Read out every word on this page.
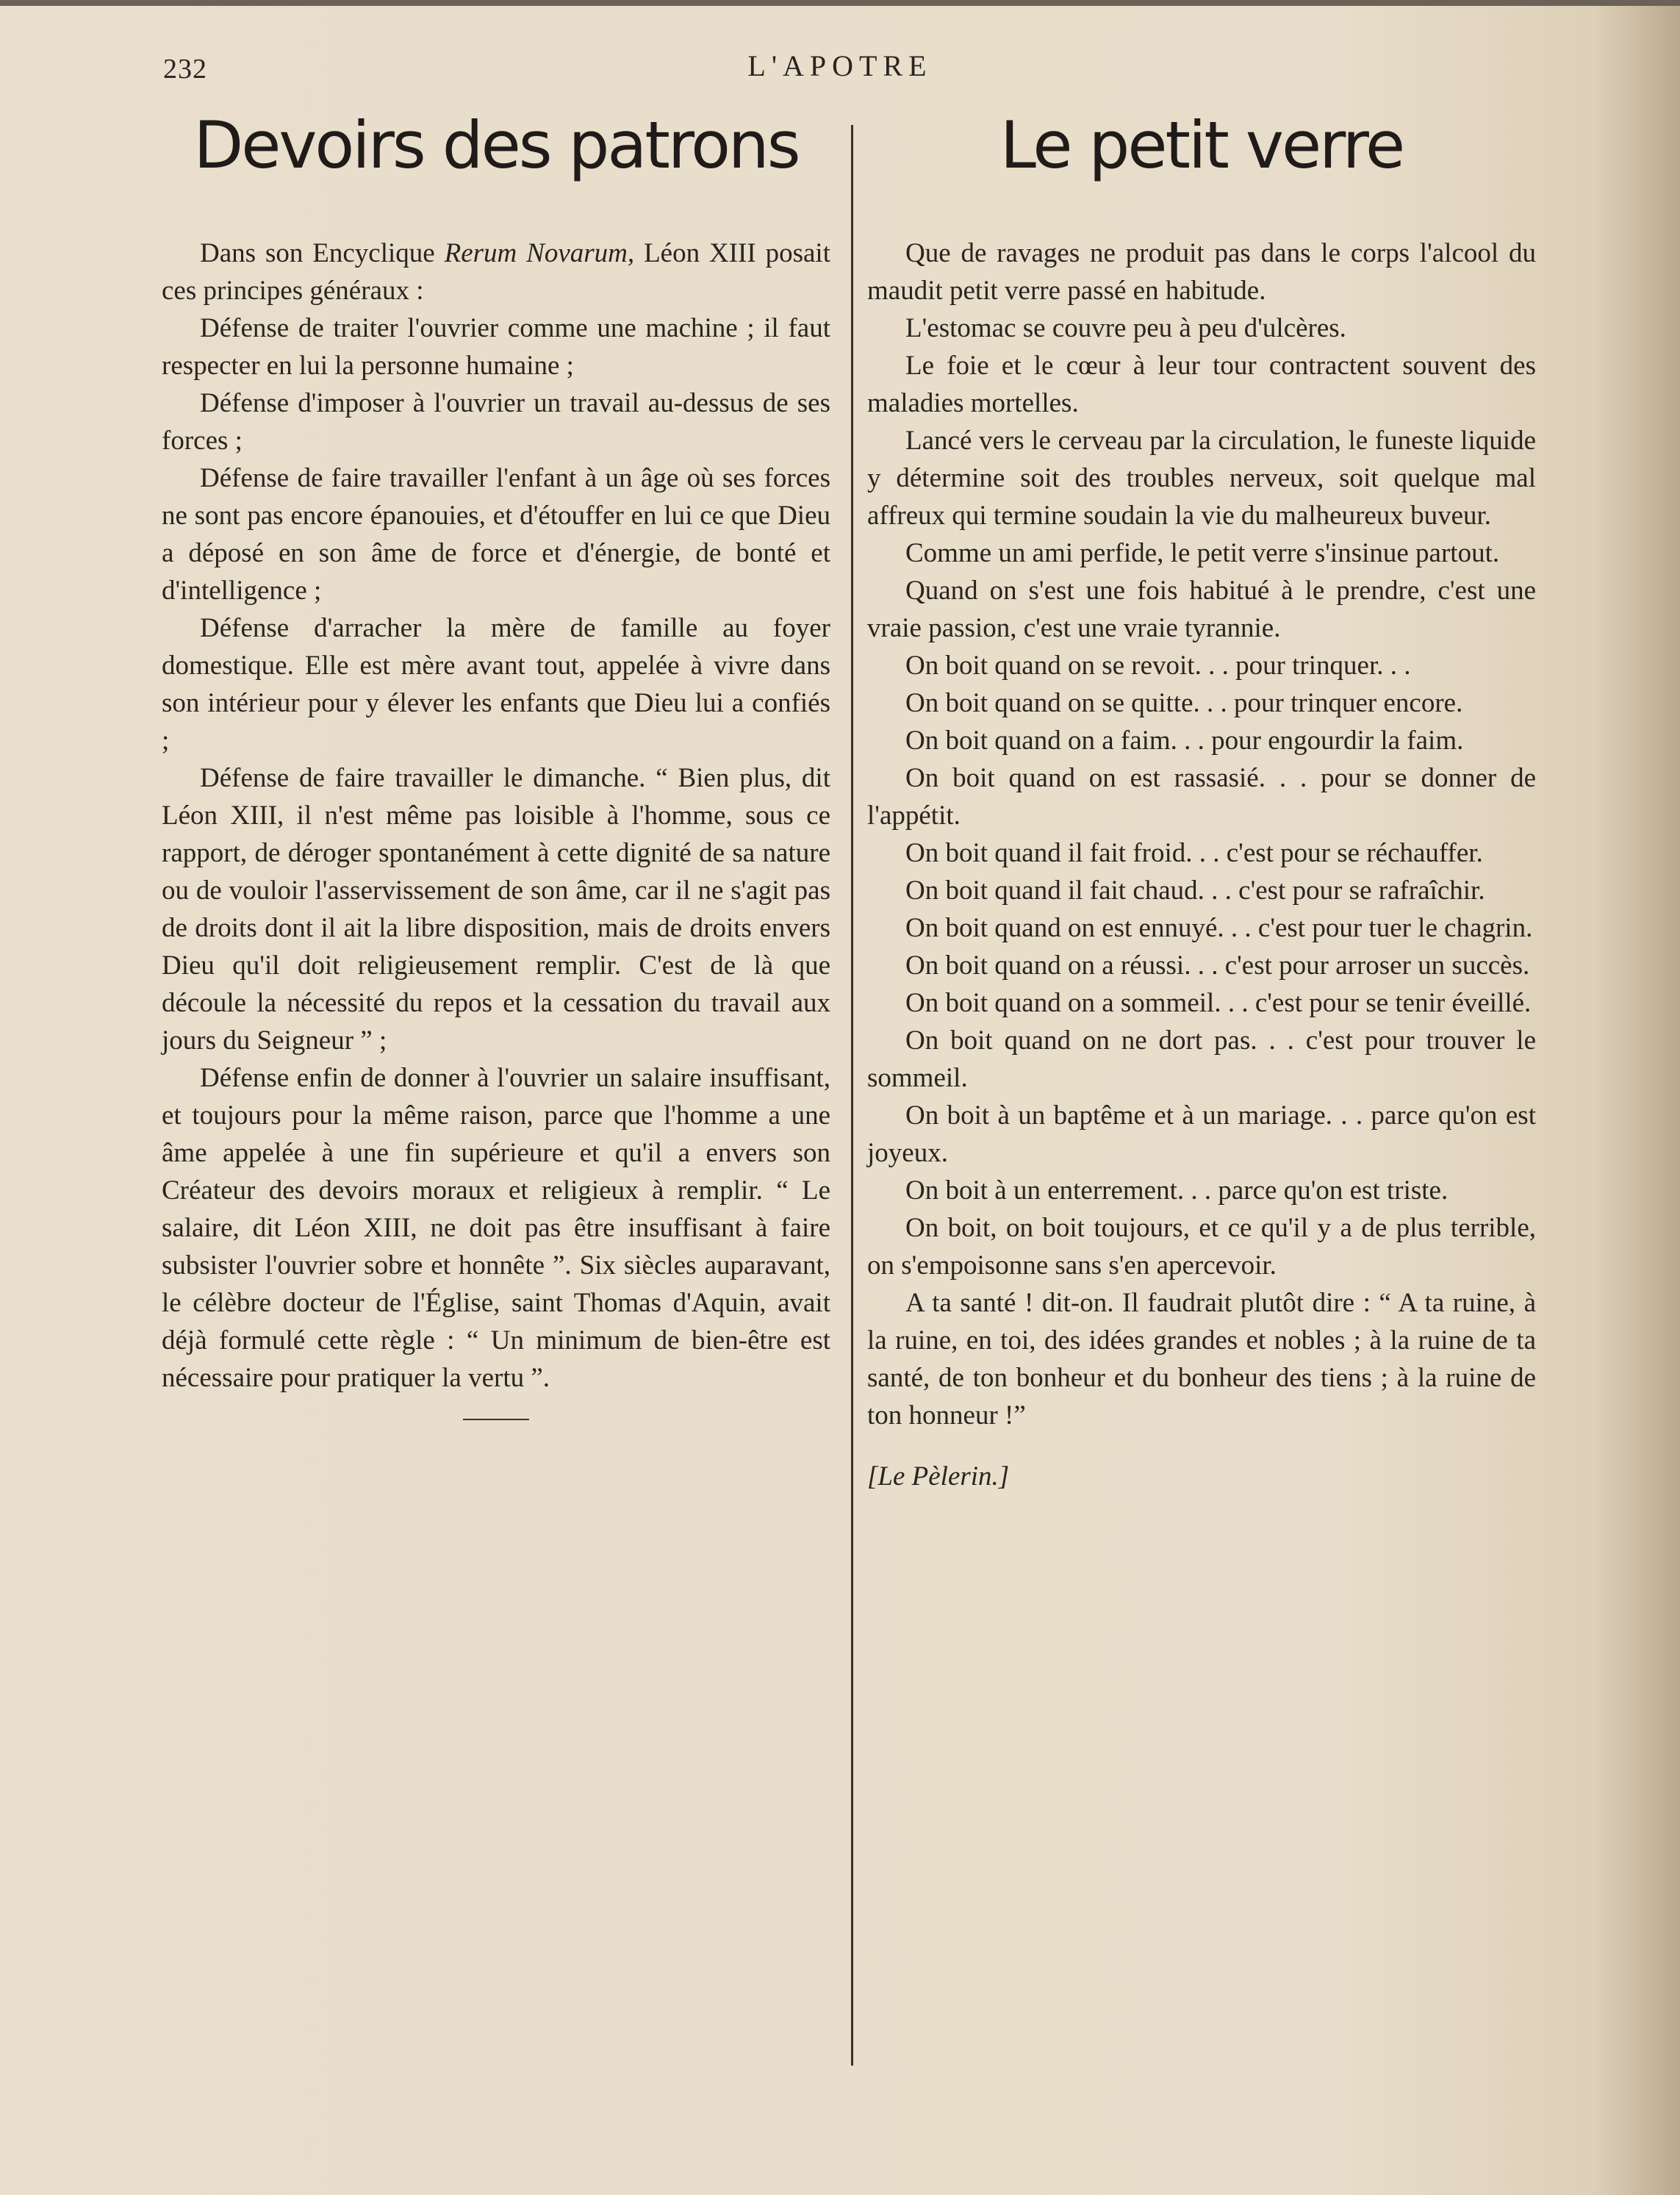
232	L'APOTRE
Devoirs des patrons

Dans son Encyclique Rerum Novarum, Léon XIII posait ces principes généraux :

Défense de traiter l'ouvrier comme une machine ; il faut respecter en lui la personne humaine ;

Défense d'imposer à l'ouvrier un travail au-dessus de ses forces ;

Défense de faire travailler l'enfant à un âge où ses forces ne sont pas encore épanouies, et d'étouffer en lui ce que Dieu a déposé en son âme de force et d'énergie, de bonté et d'intelligence ;

Défense d'arracher la mère de famille au foyer domestique. Elle est mère avant tout, appelée à vivre dans son intérieur pour y élever les enfants que Dieu lui a confiés ;

Défense de faire travailler le dimanche. “ Bien plus, dit Léon XIII, il n'est même pas loisible à l'homme, sous ce rapport, de déroger spontanément à cette dignité de sa nature ou de vouloir l'asservissement de son âme, car il ne s'agit pas de droits dont il ait la libre disposition, mais de droits envers Dieu qu'il doit religieusement remplir. C'est de là que découle la nécessité du repos et la cessation du travail aux jours du Seigneur ” ;

Défense enfin de donner à l'ouvrier un salaire insuffisant, et toujours pour la même raison, parce que l'homme a une âme appelée à une fin supérieure et qu'il a envers son Créateur des devoirs moraux et religieux à remplir. “ Le salaire, dit Léon XIII, ne doit pas être insuffisant à faire subsister l'ouvrier sobre et honnête ”. Six siècles auparavant, le célèbre docteur de l'Église, saint Thomas d'Aquin, avait déjà formulé cette règle : “ Un minimum de bien-être est nécessaire pour pratiquer la vertu ”.

Le petit verre

Que de ravages ne produit pas dans le corps l'alcool du maudit petit verre passé en habitude.

L'estomac se couvre peu à peu d'ulcères.

Le foie et le cœur à leur tour contractent souvent des maladies mortelles.

Lancé vers le cerveau par la circulation, le funeste liquide y détermine soit des troubles nerveux, soit quelque mal affreux qui termine soudain la vie du malheureux buveur.

Comme un ami perfide, le petit verre s'insinue partout.

Quand on s'est une fois habitué à le prendre, c'est une vraie passion, c'est une vraie tyrannie.

On boit quand on se revoit. . . pour trinquer. . .

On boit quand on se quitte. . . pour trinquer encore.

On boit quand on a faim. . . pour engourdir la faim.

On boit quand on est rassasié. . . pour se donner de l'appétit.

On boit quand il fait froid. . . c'est pour se réchauffer.

On boit quand il fait chaud. . . c'est pour se rafraîchir.

On boit quand on est ennuyé. . . c'est pour tuer le chagrin.

On boit quand on a réussi. . . c'est pour arroser un succès.

On boit quand on a sommeil. . . c'est pour se tenir éveillé.

On boit quand on ne dort pas. . . c'est pour trouver le sommeil.

On boit à un baptême et à un mariage. . . parce qu'on est joyeux.

On boit à un enterrement. . . parce qu'on est triste.

On boit, on boit toujours, et ce qu'il y a de plus terrible, on s'empoisonne sans s'en apercevoir.

A ta santé ! dit-on. Il faudrait plutôt dire : “ A ta ruine, à la ruine, en toi, des idées grandes et nobles ; à la ruine de ta santé, de ton bonheur et du bonheur des tiens ; à la ruine de ton honneur !”

[Le Pèlerin.]
